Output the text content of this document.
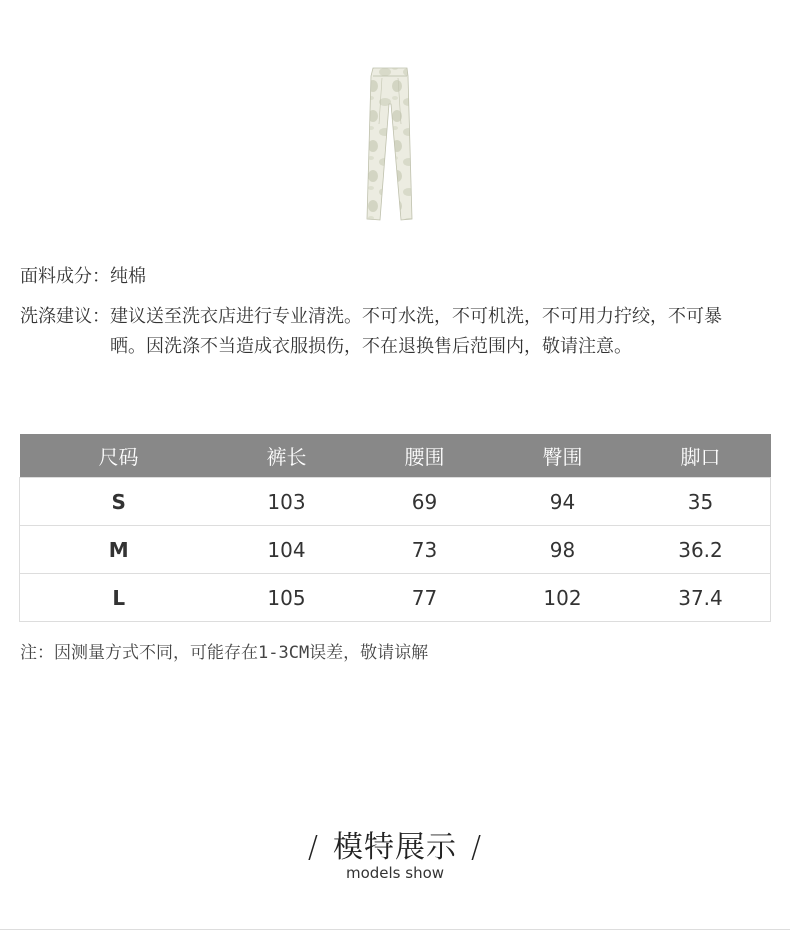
面料成分： 纯棉
洗涤建议： 建议送至洗衣店进行专业清洗。不可水洗，不可机洗，不可用力拧绞，不可暴晒。因洗涤不当造成衣服损伤，不在退换售后范围内，敬请注意。
尺码	裤长	腰围	臀围	脚口	
S	103	69	94	35	
M	104	73	98	36.2	
L	105	77	102	37.4	
注：因测量方式不同，可能存在1-3CM误差，敬请谅解
/ 模特展示 /
models show
